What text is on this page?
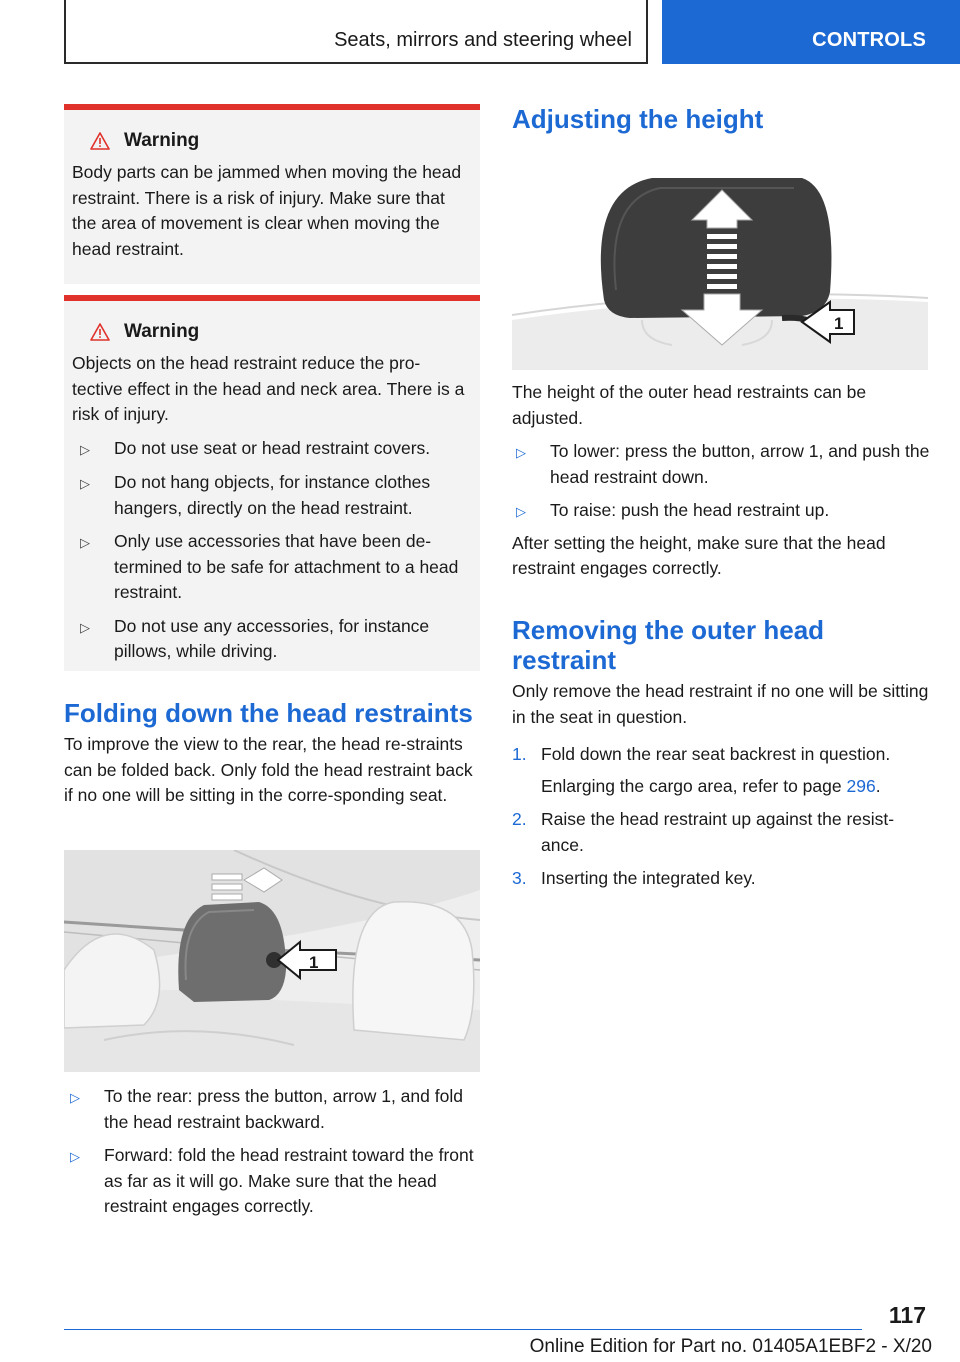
Seats, mirrors and steering wheel	CONTROLS
Warning
Body parts can be jammed when moving the head restraint. There is a risk of injury. Make sure that the area of movement is clear when moving the head restraint.
Warning
Objects on the head restraint reduce the pro-tective effect in the head and neck area. There is a risk of injury.
▷	Do not use seat or head restraint covers.
▷	Do not hang objects, for instance clothes hangers, directly on the head restraint.
▷	Only use accessories that have been de-termined to be safe for attachment to a head restraint.
▷	Do not use any accessories, for instance pillows, while driving.
Folding down the head restraints
To improve the view to the rear, the head re-straints can be folded back. Only fold the head restraint back if no one will be sitting in the corre-sponding seat.
1
▷	To the rear: press the button, arrow 1, and fold the head restraint backward.
▷	Forward: fold the head restraint toward the front as far as it will go. Make sure that the head restraint engages correctly.
Adjusting the height
1
The height of the outer head restraints can be adjusted.
▷	To lower: press the button, arrow 1, and push the head restraint down.
▷	To raise: push the head restraint up.
After setting the height, make sure that the head restraint engages correctly.
Removing the outer head restraint
Only remove the head restraint if no one will be sitting in the seat in question.
1. Fold down the rear seat backrest in question.
Enlarging the cargo area, refer to page 296.
2. Raise the head restraint up against the resist-ance.
3. Inserting the integrated key.
117
Online Edition for Part no. 01405A1EBF2 - X/20
